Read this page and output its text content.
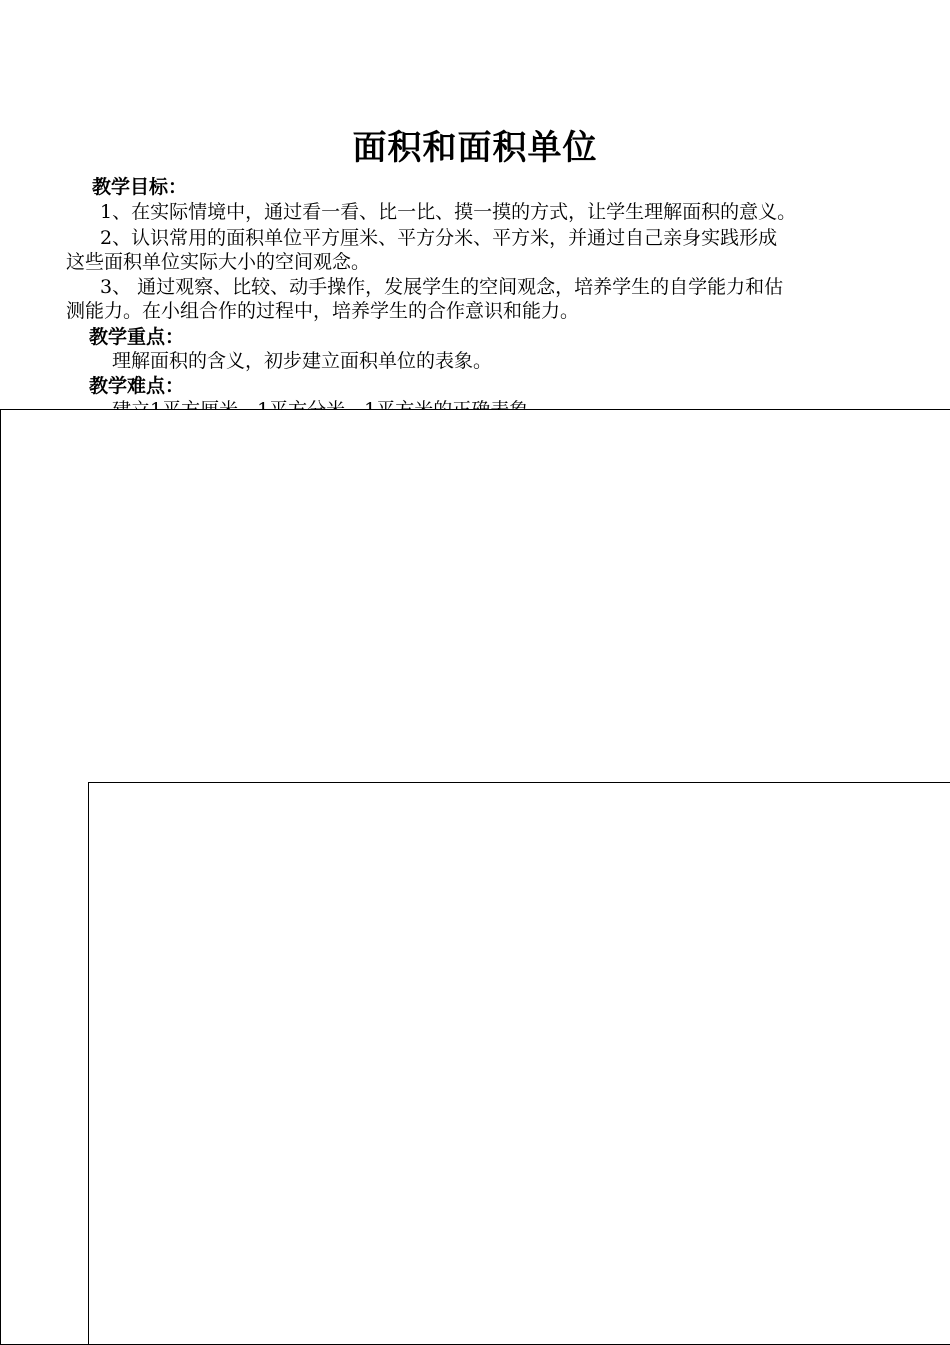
面积和面积单位
教学目标：
1、在实际情境中，通过看一看、比一比、摸一摸的方式，让学生理解面积的意义。
2、认识常用的面积单位平方厘米、平方分米、平方米，并通过自己亲身实践形成
这些面积单位实际大小的空间观念。
3、 通过观察、比较、动手操作，发展学生的空间观念，培养学生的自学能力和估
测能力。在小组合作的过程中，培养学生的合作意识和能力。
教学重点：
理解面积的含义，初步建立面积单位的表象。
教学难点：
